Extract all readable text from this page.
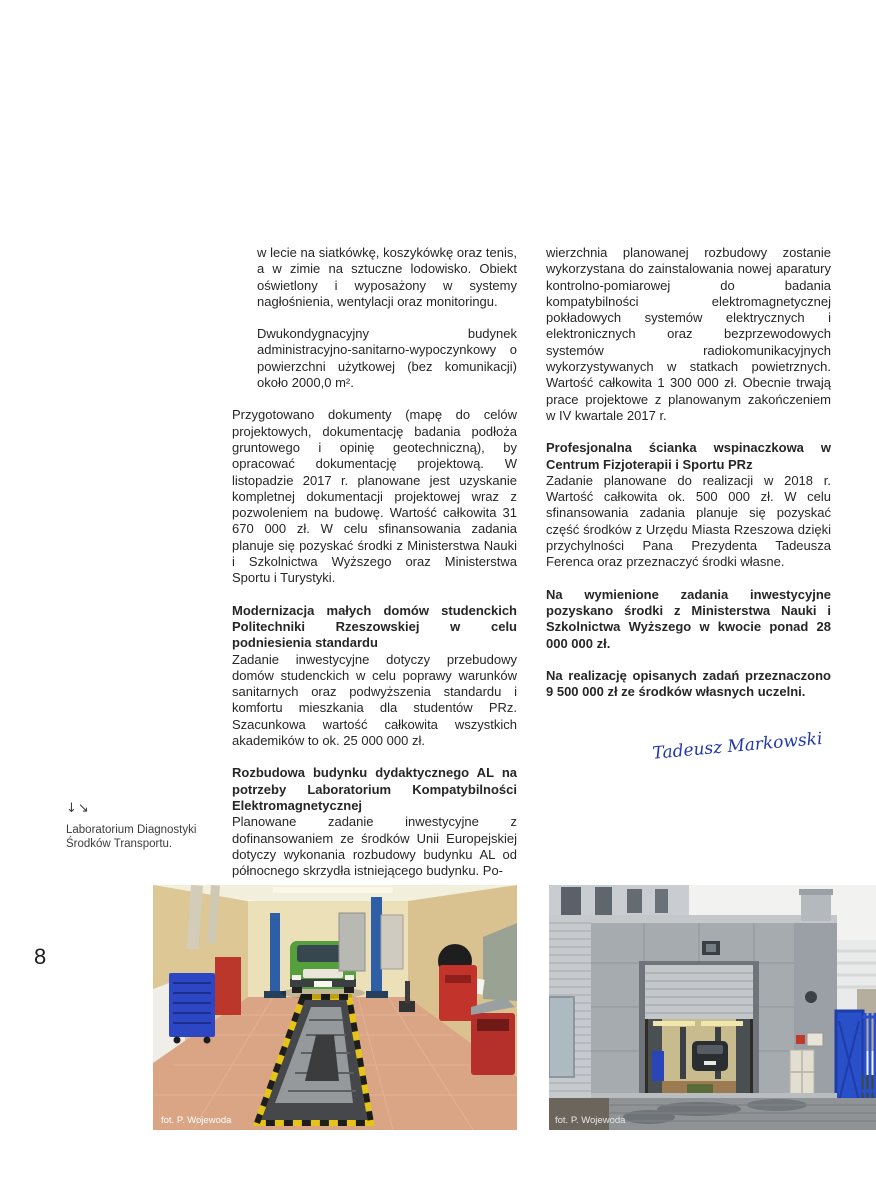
w lecie na siatkówkę, koszykówkę oraz tenis, a w zimie na sztuczne lodowisko. Obiekt oświetlony i wyposażony w systemy nagłośnienia, wentylacji oraz monitoringu.

Dwukondygnacyjny budynek administracyjno-sanitarno-wypoczynkowy o powierzchni użytkowej (bez komunikacji) około 2000,0 m².

Przygotowano dokumenty (mapę do celów projektowych, dokumentację badania podłoża gruntowego i opinię geotechniczną), by opracować dokumentację projektową. W listopadzie 2017 r. planowane jest uzyskanie kompletnej dokumentacji projektowej wraz z pozwoleniem na budowę. Wartość całkowita 31 670 000 zł. W celu sfinansowania zadania planuje się pozyskać środki z Ministerstwa Nauki i Szkolnictwa Wyższego oraz Ministerstwa Sportu i Turystyki.

Modernizacja małych domów studenckich Politechniki Rzeszowskiej w celu podniesienia standardu

Zadanie inwestycyjne dotyczy przebudowy domów studenckich w celu poprawy warunków sanitarnych oraz podwyższenia standardu i komfortu mieszkania dla studentów PRz. Szacunkowa wartość całkowita wszystkich akademików to ok. 25 000 000 zł.

Rozbudowa budynku dydaktycznego AL na potrzeby Laboratorium Kompatybilności Elektromagnetycznej

Planowane zadanie inwestycyjne z dofinansowaniem ze środków Unii Europejskiej dotyczy wykonania rozbudowy budynku AL od północnego skrzydła istniejącego budynku. Po-

wierzchnia planowanej rozbudowy zostanie wykorzystana do zainstalowania nowej aparatury kontrolno-pomiarowej do badania kompatybilności elektromagnetycznej pokładowych systemów elektrycznych i elektronicznych oraz bezprzewodowych systemów radiokomunikacyjnych wykorzystywanych w statkach powietrznych. Wartość całkowita 1 300 000 zł. Obecnie trwają prace projektowe z planowanym zakończeniem w IV kwartale 2017 r.

Profesjonalna ścianka wspinaczkowa w Centrum Fizjoterapii i Sportu PRz

Zadanie planowane do realizacji w 2018 r. Wartość całkowita ok. 500 000 zł. W celu sfinansowania zadania planuje się pozyskać część środków z Urzędu Miasta Rzeszowa dzięki przychylności Pana Prezydenta Tadeusza Ferenca oraz przeznaczyć środki własne.

Na wymienione zadania inwestycyjne pozyskano środki z Ministerstwa Nauki i Szkolnictwa Wyższego w kwocie ponad 28 000 000 zł.

Na realizację opisanych zadań przeznaczono 9 500 000 zł ze środków własnych uczelni.

Tadeusz Markowski
↓↘
Laboratorium Diagnostyki Środków Transportu.
8
fot. P. Wojewoda	fot. P. Wojewoda
